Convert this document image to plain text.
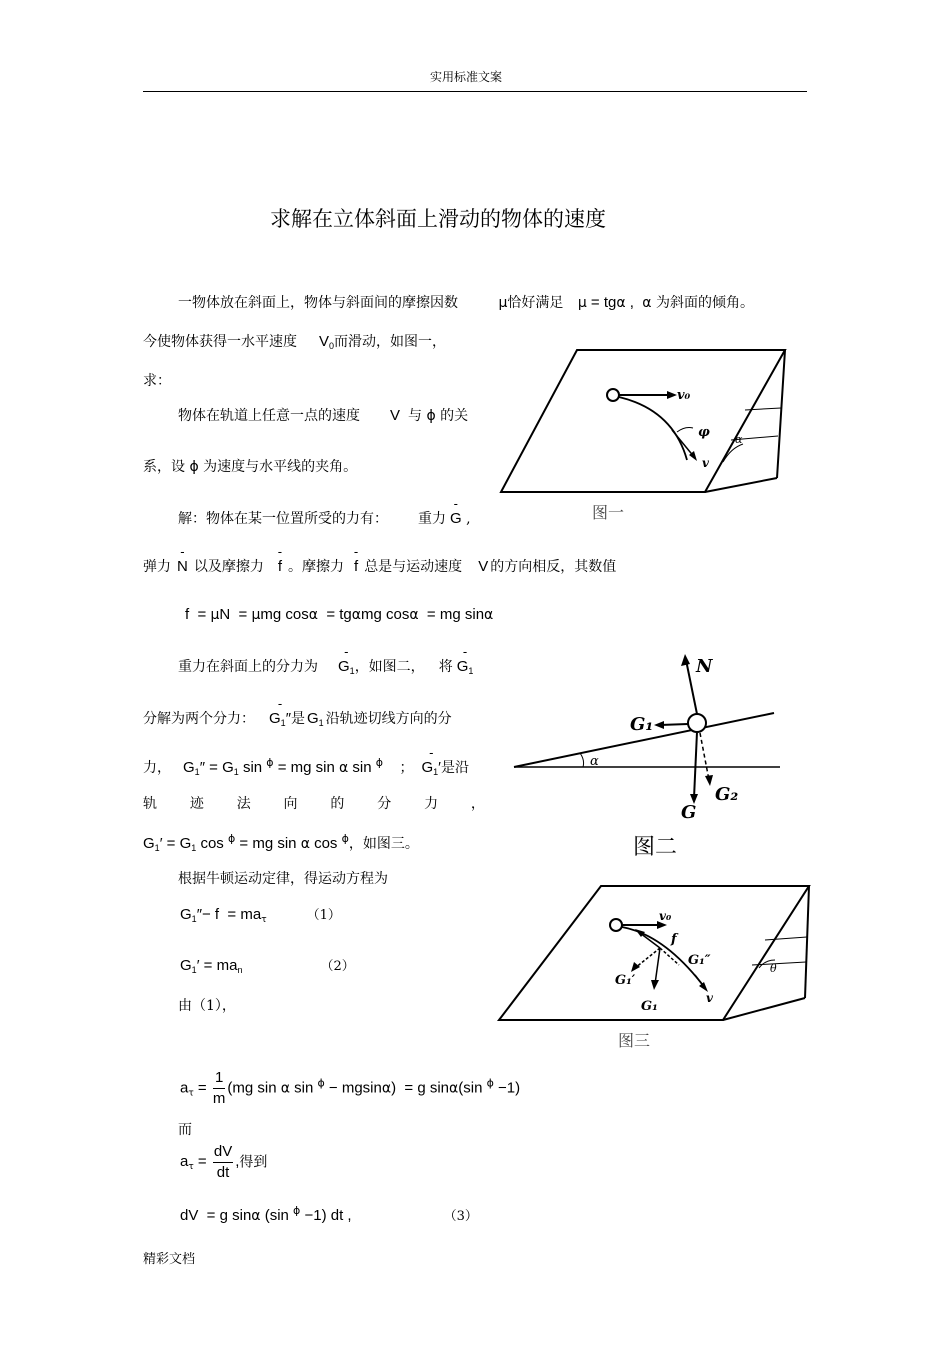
实用标准文案
求解在立体斜面上滑动的物体的速度
一物体放在斜面上，物体与斜面间的摩擦因数	μ恰好满足 μ = tgα ,  α 为斜面的倾角。
今使物体获得一水平速度 $V_0$而滑动，如图一，
求：
物体在轨道上任意一点的速度 V 与 ϕ 的关
系，设 ϕ 为速度与水平线的夹角。
v₀
φ
v
α
图一
解：物体在某一位置所受的力有： 重力 - G ,
弹力 - N 以及摩擦力 - f 。摩擦力 - f 总是与运动速度 V 的方向相反，其数值
f  = μN  = μmg cosα  = tgαmg cosα  = mg sinα
重力在斜面上的分力为 - $G_1$，如图二， 将 - $G_1$
分解为两个分力： - $G_1''$是 $G_1$ 沿轨迹切线方向的分
力， $G_1'' = G_1$ sin $^\phi$ = mg sin α sin $^\phi$ ； - $G_1'$是沿
轨 迹 法 向 的 分 力 ，
$G_1' = G_1$ cos $^\phi$ = mg sin α cos $^\phi$，如图三。
N
G₁
α
G
G₂
图二
根据牛顿运动定律，得运动方程为
$G_1''- f = ma_\tau$	（1）
$G_1' = ma_n$	（2）
由（1），
v₀
f
G₁″
G₁′
G₁
v
θ
图三
$a_\tau = \frac{1}{m} (mg$ sin α sin $^\phi$ − mgsinα)  = g sinα(sin $^\phi$ −1)
而
$a_\tau = \frac{dV}{dt}$ ,得到
dV  = g sinα (sin $^\phi$ −1) dt ,	（3）
精彩文档
